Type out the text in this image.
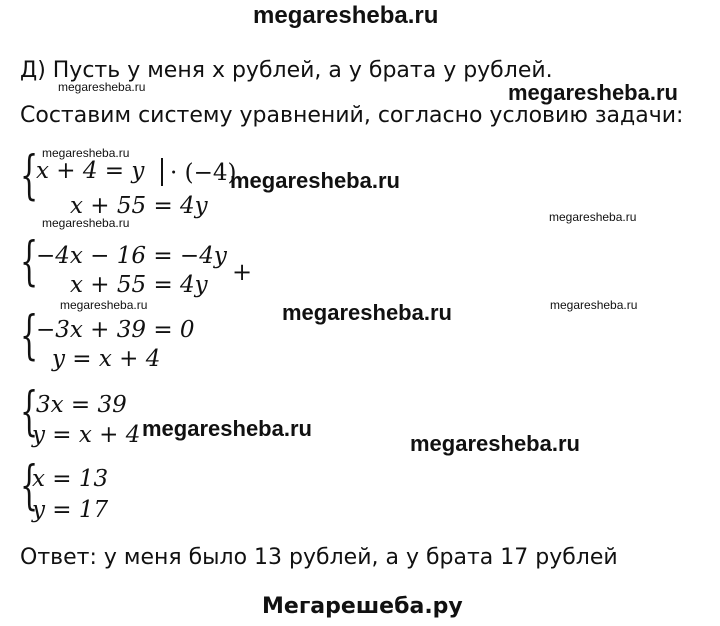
megaresheba.ru
Д) Пусть у меня x рублей, а у брата у рублей.
megaresheba.ru	megaresheba.ru
Составим систему уравнений, согласно условию задачи:
megaresheba.ru
{
x + 4 = y · (−4)
megaresheba.ru
x + 55 = 4y
megaresheba.ru	megaresheba.ru
{
−4x − 16 = −4y
x + 55 = 4y +
megaresheba.ru	megaresheba.ru	megaresheba.ru
{
−3x + 39 = 0
y = x + 4
{
3x = 39
y = x + 4 megaresheba.ru
megaresheba.ru
{
x = 13
y = 17
Ответ: у меня было 13 рублей, а у брата 17 рублей
Мегарешеба.ру
